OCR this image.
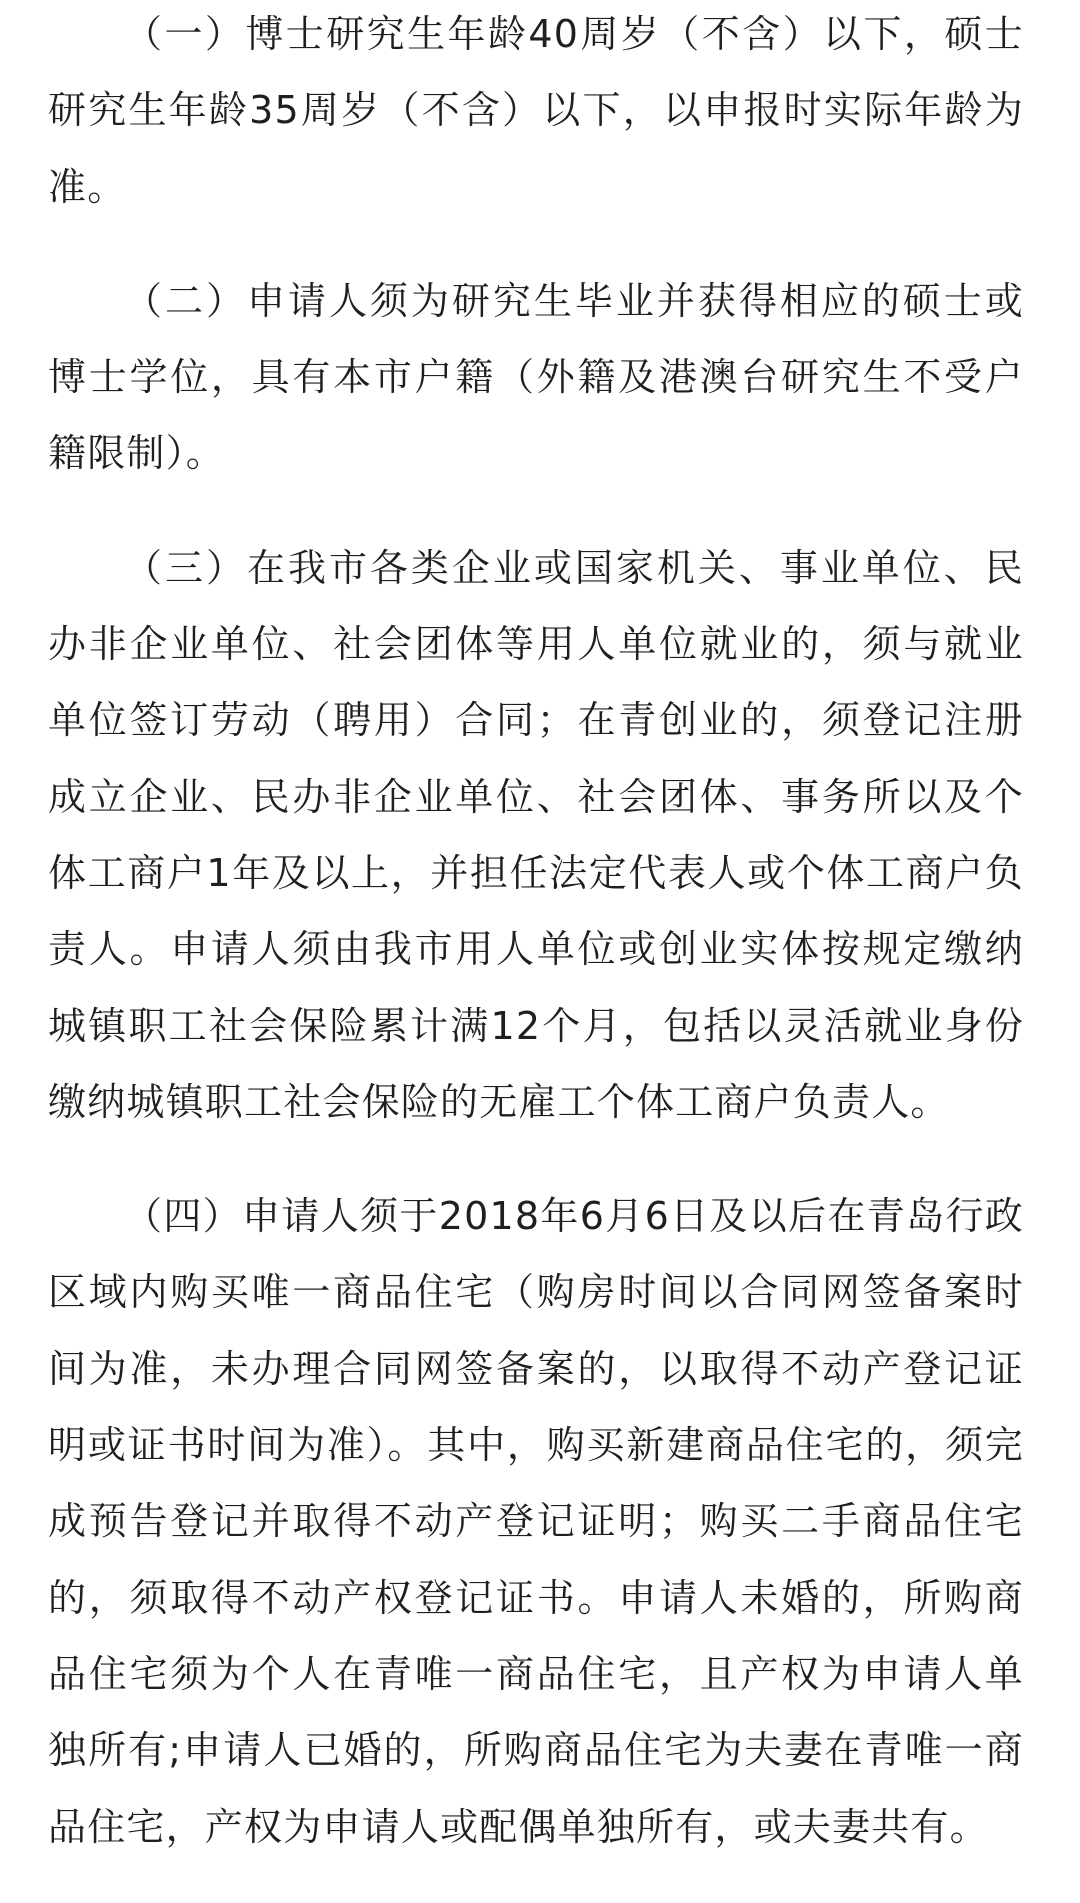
（一）博士研究生年龄40周岁（不含）以下，硕士研究生年龄35周岁（不含）以下，以申报时实际年龄为准。

（二）申请人须为研究生毕业并获得相应的硕士或博士学位，具有本市户籍（外籍及港澳台研究生不受户籍限制）。

（三）在我市各类企业或国家机关、事业单位、民办非企业单位、社会团体等用人单位就业的，须与就业单位签订劳动（聘用）合同；在青创业的，须登记注册成立企业、民办非企业单位、社会团体、事务所以及个体工商户1年及以上，并担任法定代表人或个体工商户负责人。申请人须由我市用人单位或创业实体按规定缴纳城镇职工社会保险累计满12个月，包括以灵活就业身份缴纳城镇职工社会保险的无雇工个体工商户负责人。

（四）申请人须于2018年6月6日及以后在青岛行政区域内购买唯一商品住宅（购房时间以合同网签备案时间为准，未办理合同网签备案的，以取得不动产登记证明或证书时间为准）。其中，购买新建商品住宅的，须完成预告登记并取得不动产登记证明；购买二手商品住宅的，须取得不动产权登记证书。申请人未婚的，所购商品住宅须为个人在青唯一商品住宅，且产权为申请人单独所有;申请人已婚的，所购商品住宅为夫妻在青唯一商品住宅，产权为申请人或配偶单独所有，或夫妻共有。
